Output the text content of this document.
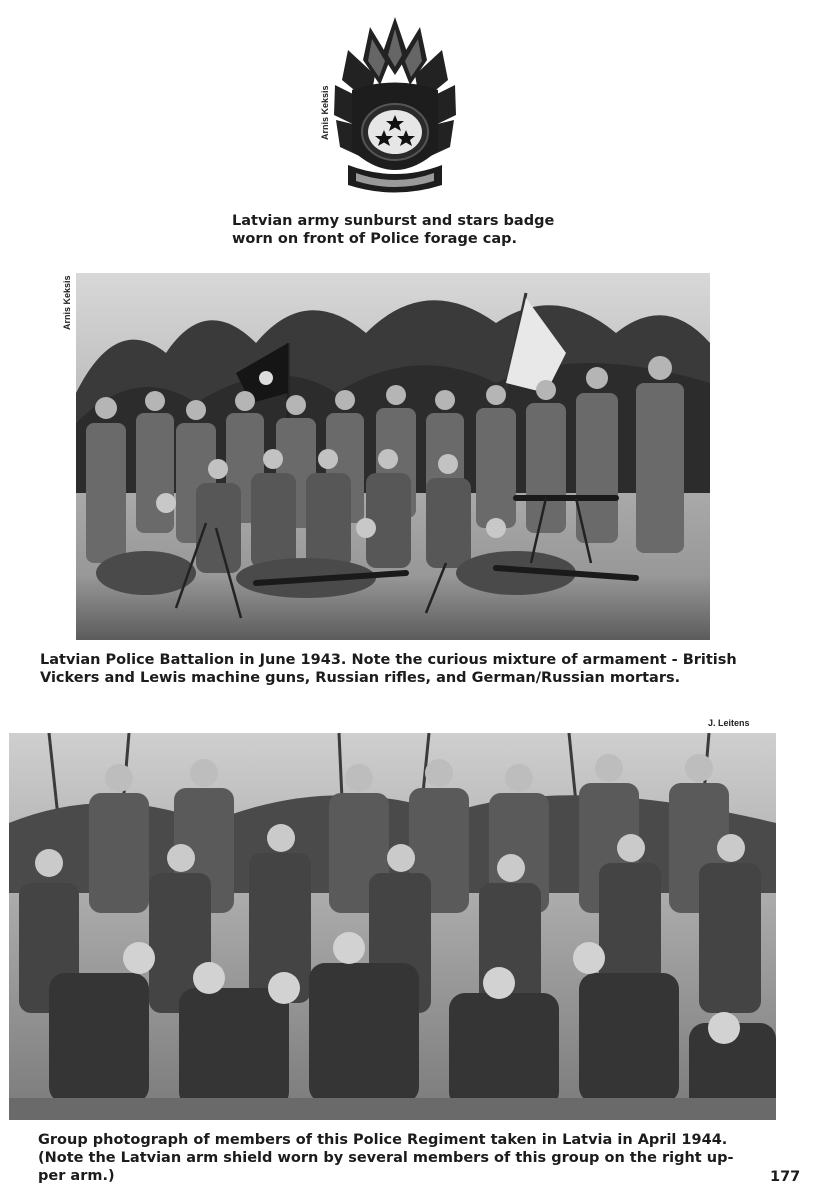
Arnis Keksis
Latvian army sunburst and stars badge
worn on front of Police forage cap.
Arnis Keksis
Latvian Police Battalion in June 1943. Note the curious mixture of armament - British
Vickers and Lewis machine guns, Russian rifles, and German/Russian mortars.
J. Leitens
Group photograph of members of this Police Regiment taken in Latvia in April 1944.
(Note the Latvian arm shield worn by several members of this group on the right up-
per arm.)	177
